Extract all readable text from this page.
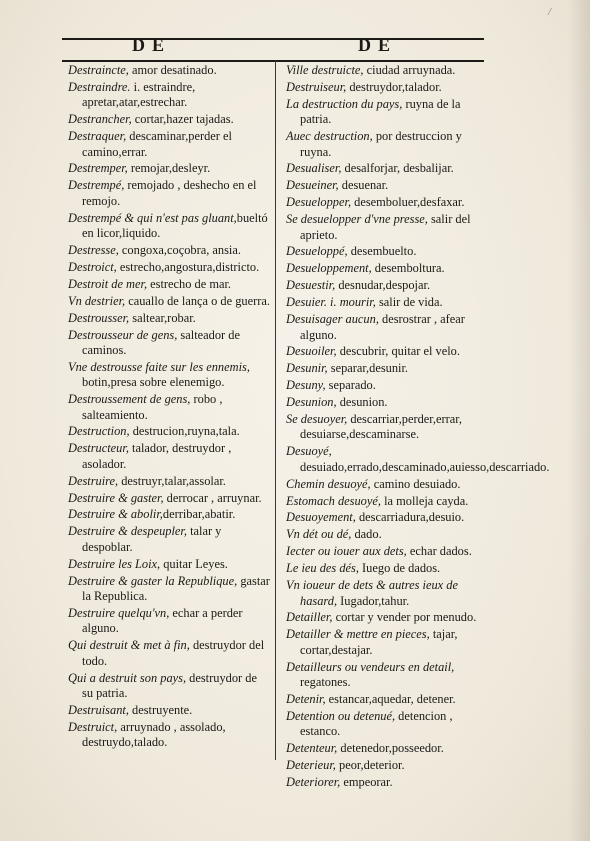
/
DE	DE
Destraincte, amor desatinado.
Destraindre. i. estraindre, apretar,atar,estrechar.
Destrancher, cortar,hazer tajadas.
Destraquer, descaminar,perder el camino,errar.
Destremper, remojar,desleyr.
Destrempé, remojado , deshecho en el remojo.
Destrempé & qui n'est pas gluant,bueltó en licor,liquido.
Destresse, congoxa,coçobra, ansia.
Destroict, estrecho,angostura,districto.
Destroit de mer, estrecho de mar.
Vn destrier, cauallo de lança o de guerra.
Destrousser, saltear,robar.
Destrousseur de gens, salteador de caminos.
Vne destrousse faite sur les ennemis, botin,presa sobre elenemigo.
Destroussement de gens, robo , salteamiento.
Destruction, destrucion,ruyna,tala.
Destructeur, talador, destruydor , asolador.
Destruire, destruyr,talar,assolar.
Destruire & gaster, derrocar , arruynar.
Destruire & abolir,derribar,abatir.
Destruire & despeupler, talar y despoblar.
Destruire les Loix, quitar Leyes.
Destruire & gaster la Republique, gastar la Republica.
Destruire quelqu'vn, echar a perder alguno.
Qui destruit & met à fin, destruydor del todo.
Qui a destruit son pays, destruydor de su patria.
Destruisant, destruyente.
Destruict, arruynado , assolado, destruydo,talado.
Ville destruicte, ciudad arruynada.
Destruiseur, destruydor,talador.
La destruction du pays, ruyna de la patria.
Auec destruction, por destruccion y ruyna.
Desualiser, desalforjar, desbalijar.
Desueiner, desuenar.
Desuelopper, desemboluer,desfaxar.
Se desuelopper d'vne presse, salir del aprieto.
Desueloppé, desembuelto.
Desueloppement, desemboltura.
Desuestir, desnudar,despojar.
Desuier. i. mourir, salir de vida.
Desuisager aucun, desrostrar , afear alguno.
Desuoiler, descubrir, quitar el velo.
Desunir, separar,desunir.
Desuny, separado.
Desunion, desunion.
Se desuoyer, descarriar,perder,errar, desuiarse,descaminarse.
Desuoyé, desuiado,errado,descaminado,auiesso,descarriado.
Chemin desuoyé, camino desuiado.
Estomach desuoyé, la molleja cayda.
Desuoyement, descarriadura,desuio.
Vn dét ou dé, dado.
Iecter ou iouer aux dets, echar dados.
Le ieu des dés, Iuego de dados.
Vn ioueur de dets & autres ieux de hasard, Iugador,tahur.
Detailler, cortar y vender por menudo.
Detailler & mettre en pieces, tajar, cortar,destajar.
Detailleurs ou vendeurs en detail, regatones.
Detenir, estancar,aquedar, detener.
Detention ou detenué, detencion , estanco.
Detenteur, detenedor,posseedor.
Deterieur, peor,deterior.
Deteriorer, empeorar.
